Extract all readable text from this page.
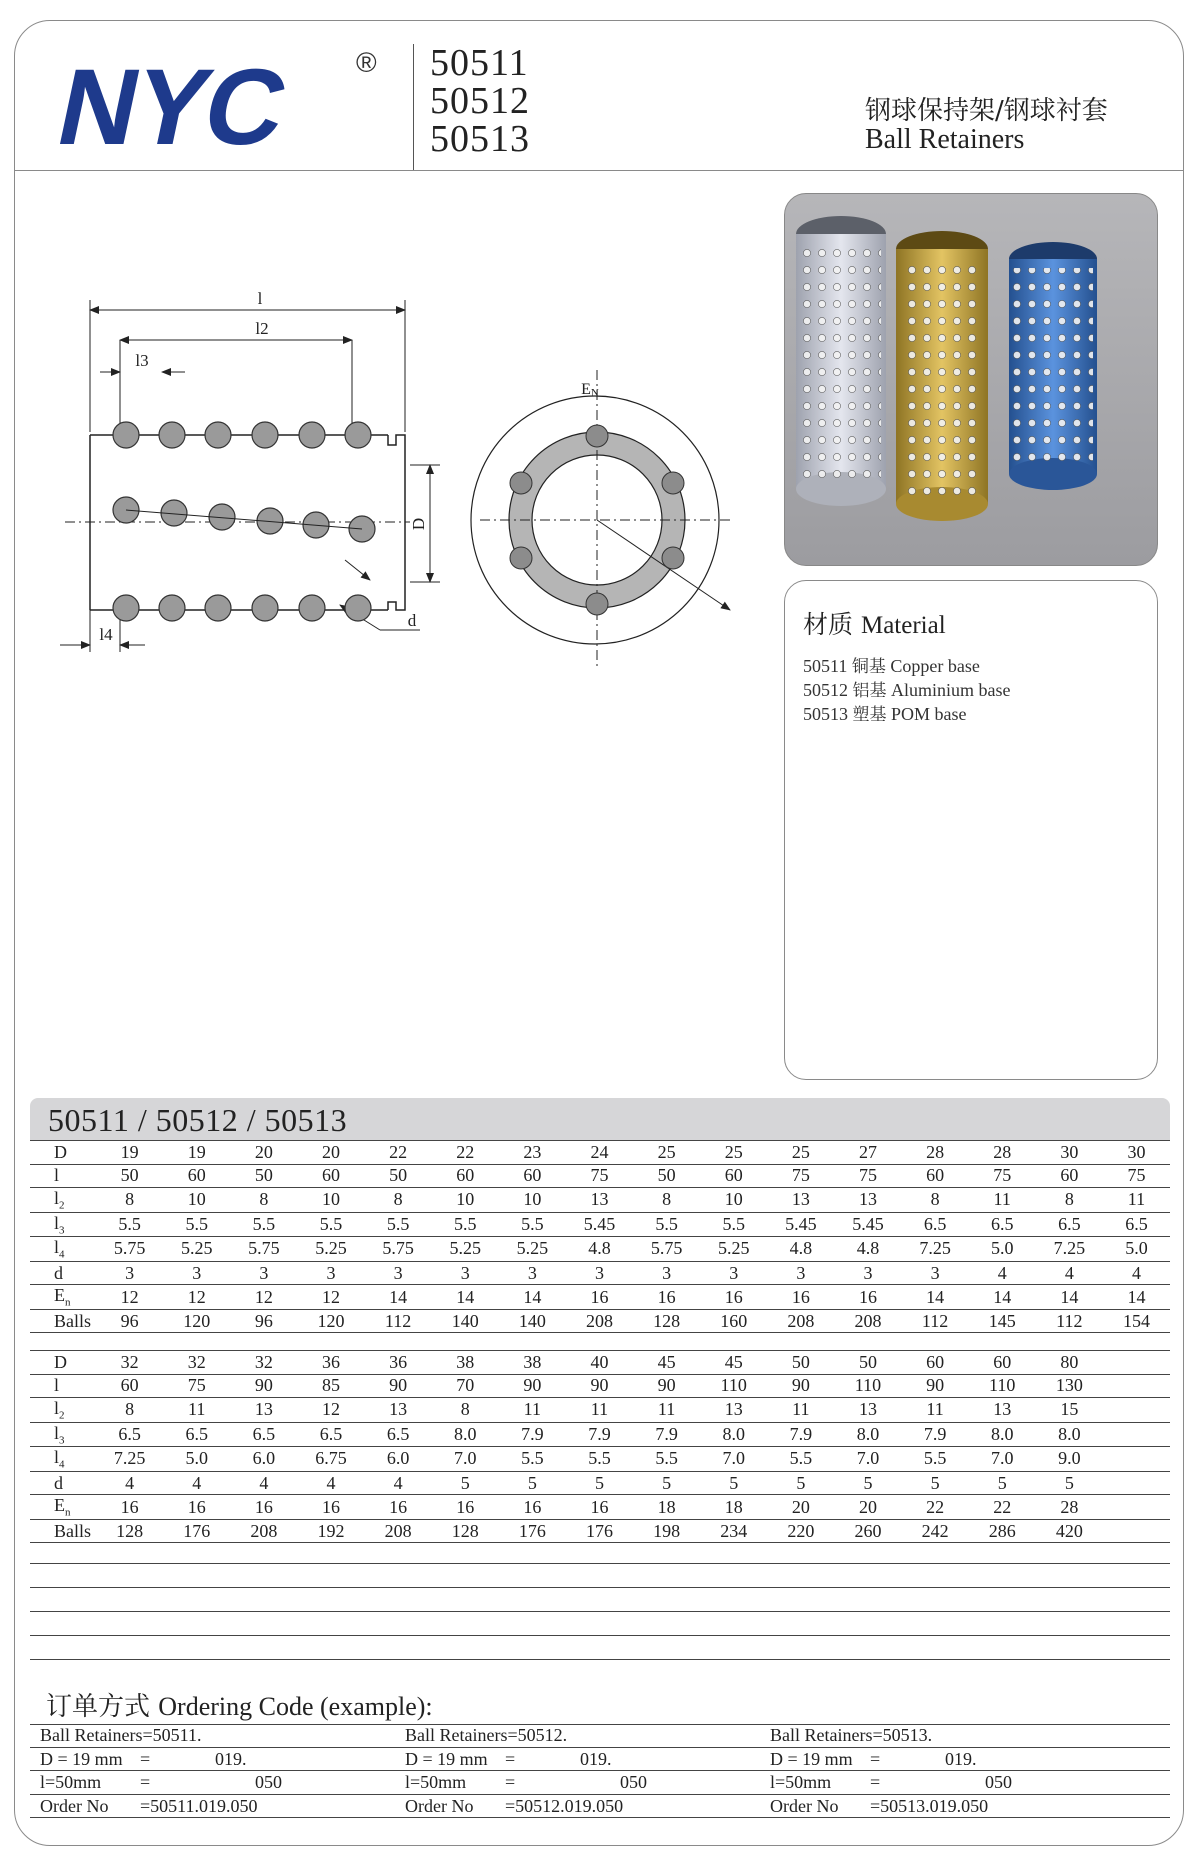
NYC ® 50511
50512
50513
钢球保持架/钢球衬套
Ball Retainers
l
l2
l3
l4
D
d
EN
材质 Material
50511 铜基 Copper base
50512 铝基 Aluminium base
50513 塑基 POM base
50511 / 50512 / 50513
D	19	19	20	20	22	22	23	24	25	25	25	27	28	28	30	30
l	50	60	50	60	50	60	60	75	50	60	75	75	60	75	60	75
$l_2$	8	10	8	10	8	10	10	13	8	10	13	13	8	11	8	11
$l_3$	5.5	5.5	5.5	5.5	5.5	5.5	5.5	5.45	5.5	5.5	5.45	5.45	6.5	6.5	6.5	6.5
$l_4$	5.75	5.25	5.75	5.25	5.75	5.25	5.25	4.8	5.75	5.25	4.8	4.8	7.25	5.0	7.25	5.0
d	3	3	3	3	3	3	3	3	3	3	3	3	3	4	4	4
$E_n$	12	12	12	12	14	14	14	16	16	16	16	16	14	14	14	14
Balls	96	120	96	120	112	140	140	208	128	160	208	208	112	145	112	154
D	32	32	32	36	36	38	38	40	45	45	50	50	60	60	80	
l	60	75	90	85	90	70	90	90	90	110	90	110	90	110	130	
$l_2$	8	11	13	12	13	8	11	11	11	13	11	13	11	13	15	
$l_3$	6.5	6.5	6.5	6.5	6.5	8.0	7.9	7.9	7.9	8.0	7.9	8.0	7.9	8.0	8.0	
$l_4$	7.25	5.0	6.0	6.75	6.0	7.0	5.5	5.5	5.5	7.0	5.5	7.0	5.5	7.0	9.0	
d	4	4	4	4	4	5	5	5	5	5	5	5	5	5	5	
$E_n$	16	16	16	16	16	16	16	16	18	18	20	20	22	22	28	
Balls	128	176	208	192	208	128	176	176	198	234	220	260	242	286	420	
订单方式 Ordering Code (example):
Ball Retainers=50511.	Ball Retainers=50512.	Ball Retainers=50513.
D = 19 mm =	019.	D = 19 mm =	019.	D = 19 mm =	019.
l=50mm =	050	l=50mm =	050	l=50mm =	050
Order No =50511.019.050	Order No =50512.019.050	Order No =50513.019.050
